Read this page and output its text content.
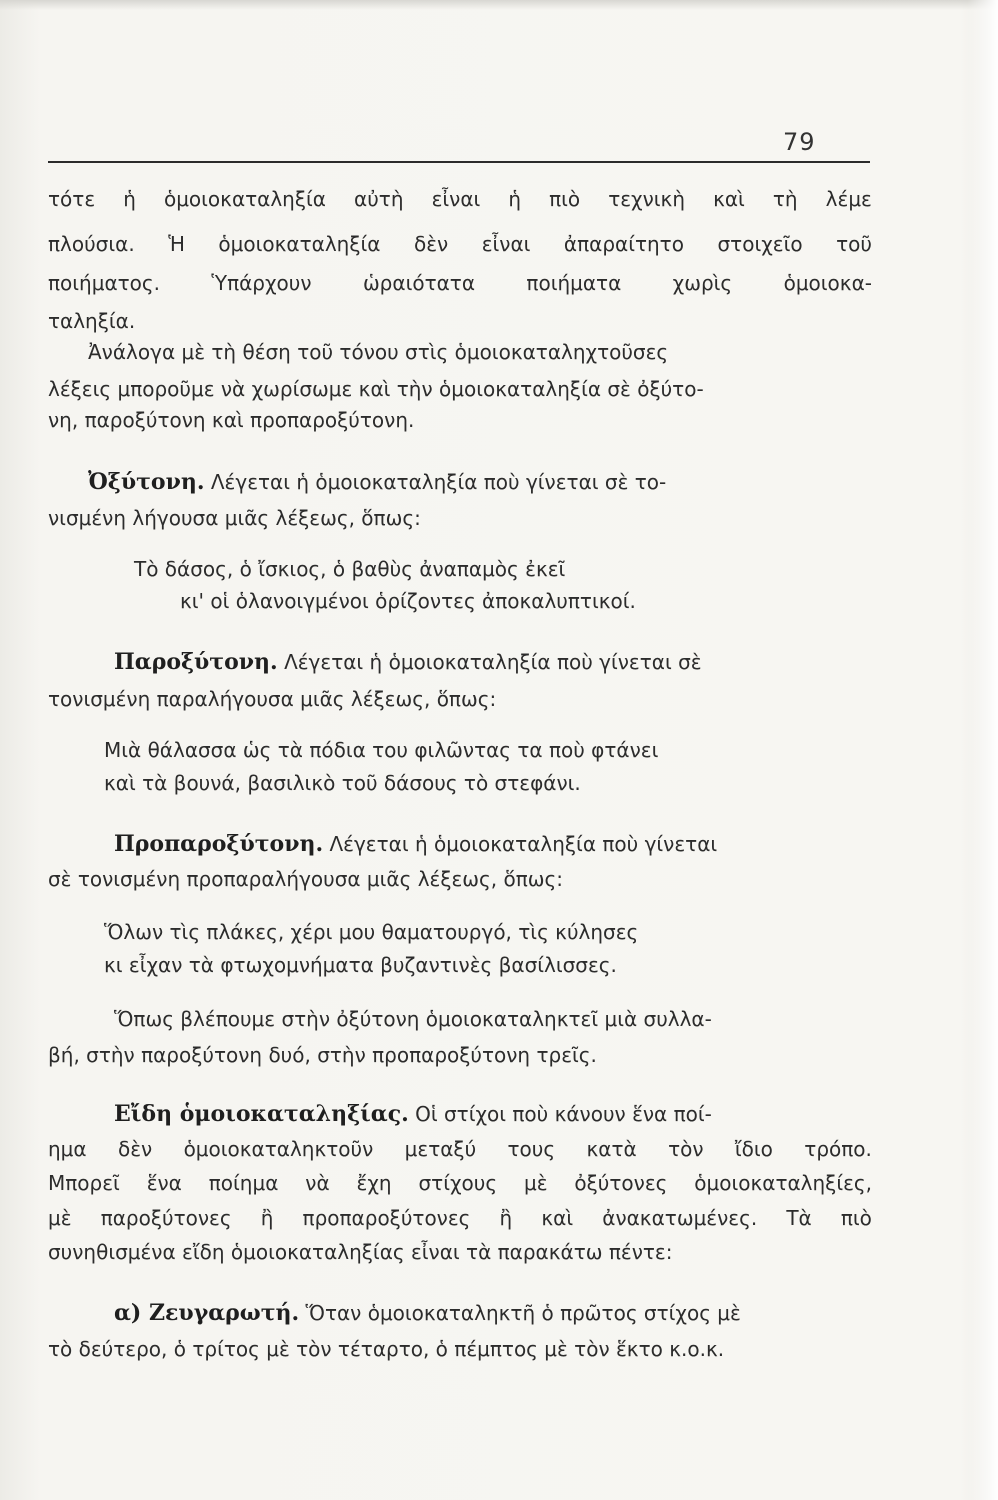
79
τότε ἡ ὁμοιοκαταληξία αὐτὴ εἶναι ἡ πιὸ τεχνικὴ καὶ τὴ λέμε
πλούσια. Ἡ ὁμοιοκαταληξία δὲν εἶναι ἀπαραίτητο στοιχεῖο τοῦ
ποιήματος.	Ὑπάρχουν	ὡραιότατα	ποιήματα	χωρὶς	ὁμοιοκα-
ταληξία.
Ἀνάλογα μὲ τὴ θέση τοῦ τόνου στὶς ὁμοιοκαταληχτοῦσες
λέξεις μποροῦμε νὰ χωρίσωμε καὶ τὴν ὁμοιοκαταληξία σὲ ὀξύτο-
νη, παροξύτονη καὶ προπαροξύτονη.
Ὀξύτονη. Λέγεται ἡ ὁμοιοκαταληξία ποὺ γίνεται σὲ το-
νισμένη λήγουσα μιᾶς λέξεως, ὅπως:
Τὸ δάσος, ὁ ἴσκιος, ὁ βαθὺς ἀναπαμὸς ἐκεῖ
κι' οἱ ὁλανοιγμένοι ὁρίζοντες ἀποκαλυπτικοί.
Παροξύτονη. Λέγεται ἡ ὁμοιοκαταληξία ποὺ γίνεται σὲ
τονισμένη παραλήγουσα μιᾶς λέξεως, ὅπως:
Μιὰ θάλασσα ὡς τὰ πόδια του φιλῶντας τα ποὺ φτάνει
καὶ τὰ βουνά, βασιλικὸ τοῦ δάσους τὸ στεφάνι.
Προπαροξύτονη. Λέγεται ἡ ὁμοιοκαταληξία ποὺ γίνεται
σὲ τονισμένη προπαραλήγουσα μιᾶς λέξεως, ὅπως:
Ὅλων τὶς πλάκες, χέρι μου θαματουργό, τὶς κύλησες
κι εἶχαν τὰ φτωχομνήματα βυζαντινὲς βασίλισσες.
Ὅπως βλέπουμε στὴν ὀξύτονη ὁμοιοκαταληκτεῖ μιὰ συλλα-
βή, στὴν παροξύτονη δυό, στὴν προπαροξύτονη τρεῖς.
Εἴδη ὁμοιοκαταληξίας. Οἱ στίχοι ποὺ κάνουν ἕνα ποί-
ημα δὲν ὁμοιοκαταληκτοῦν μεταξύ τους κατὰ τὸν ἴδιο τρόπο.
Μπορεῖ ἕνα ποίημα νὰ ἔχη στίχους μὲ ὀξύτονες ὁμοιοκαταληξίες,
μὲ παροξύτονες ἢ προπαροξύτονες ἢ καὶ ἀνακατωμένες. Τὰ πιὸ
συνηθισμένα εἴδη ὁμοιοκαταληξίας εἶναι τὰ παρακάτω πέντε:
α) Ζευγαρωτή. Ὅταν ὁμοιοκαταληκτῆ ὁ πρῶτος στίχος μὲ
τὸ δεύτερο, ὁ τρίτος μὲ τὸν τέταρτο, ὁ πέμπτος μὲ τὸν ἕκτο κ.ο.κ.
